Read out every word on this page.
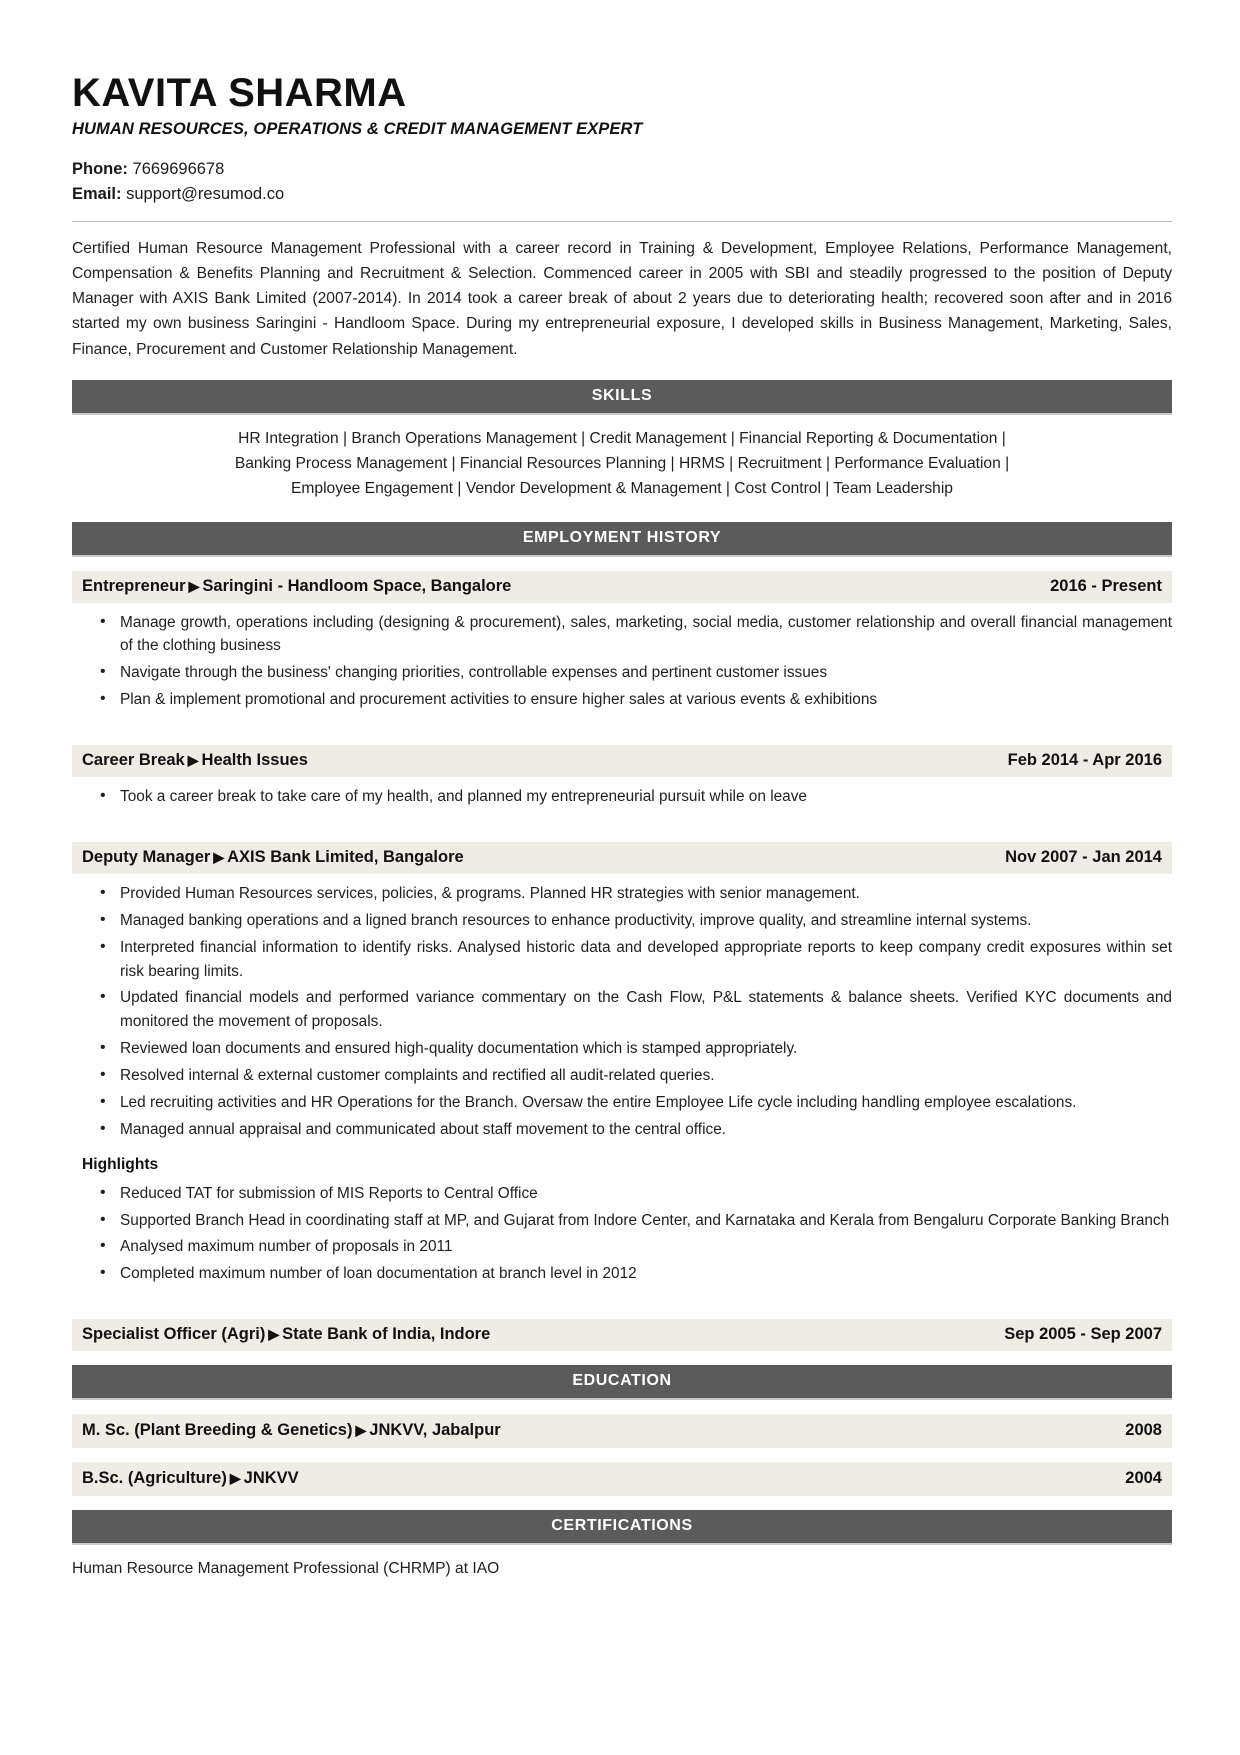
KAVITA SHARMA
HUMAN RESOURCES, OPERATIONS & CREDIT MANAGEMENT EXPERT
Phone: 7669696678
Email: support@resumod.co

Certified Human Resource Management Professional with a career record in Training & Development, Employee Relations, Performance Management, Compensation & Benefits Planning and Recruitment & Selection. Commenced career in 2005 with SBI and steadily progressed to the position of Deputy Manager with AXIS Bank Limited (2007-2014). In 2014 took a career break of about 2 years due to deteriorating health; recovered soon after and in 2016 started my own business Saringini - Handloom Space. During my entrepreneurial exposure, I developed skills in Business Management, Marketing, Sales, Finance, Procurement and Customer Relationship Management.

SKILLS
HR Integration | Branch Operations Management | Credit Management | Financial Reporting & Documentation |
Banking Process Management | Financial Resources Planning | HRMS | Recruitment | Performance Evaluation |
Employee Engagement | Vendor Development & Management | Cost Control | Team Leadership
EMPLOYMENT HISTORY
Entrepreneur ▶ Saringini - Handloom Space, Bangalore	2016 - Present
• Manage growth, operations including (designing & procurement), sales, marketing, social media, customer relationship and overall financial management of the clothing business
• Navigate through the business' changing priorities, controllable expenses and pertinent customer issues
• Plan & implement promotional and procurement activities to ensure higher sales at various events & exhibitions
Career Break ▶ Health Issues	Feb 2014 - Apr 2016
• Took a career break to take care of my health, and planned my entrepreneurial pursuit while on leave
Deputy Manager ▶ AXIS Bank Limited, Bangalore	Nov 2007 - Jan 2014
• Provided Human Resources services, policies, & programs. Planned HR strategies with senior management.
• Managed banking operations and a ligned branch resources to enhance productivity, improve quality, and streamline internal systems.
• Interpreted financial information to identify risks. Analysed historic data and developed appropriate reports to keep company credit exposures within set risk bearing limits.
• Updated financial models and performed variance commentary on the Cash Flow, P&L statements & balance sheets. Verified KYC documents and monitored the movement of proposals.
• Reviewed loan documents and ensured high-quality documentation which is stamped appropriately.
• Resolved internal & external customer complaints and rectified all audit-related queries.
• Led recruiting activities and HR Operations for the Branch. Oversaw the entire Employee Life cycle including handling employee escalations.
• Managed annual appraisal and communicated about staff movement to the central office.
Highlights
• Reduced TAT for submission of MIS Reports to Central Office
• Supported Branch Head in coordinating staff at MP, and Gujarat from Indore Center, and Karnataka and Kerala from Bengaluru Corporate Banking Branch
• Analysed maximum number of proposals in 2011
• Completed maximum number of loan documentation at branch level in 2012
Specialist Officer (Agri) ▶ State Bank of India, Indore	Sep 2005 - Sep 2007
EDUCATION
M. Sc. (Plant Breeding & Genetics) ▶ JNKVV, Jabalpur	2008
B.Sc. (Agriculture) ▶ JNKVV	2004
CERTIFICATIONS
Human Resource Management Professional (CHRMP) at IAO
